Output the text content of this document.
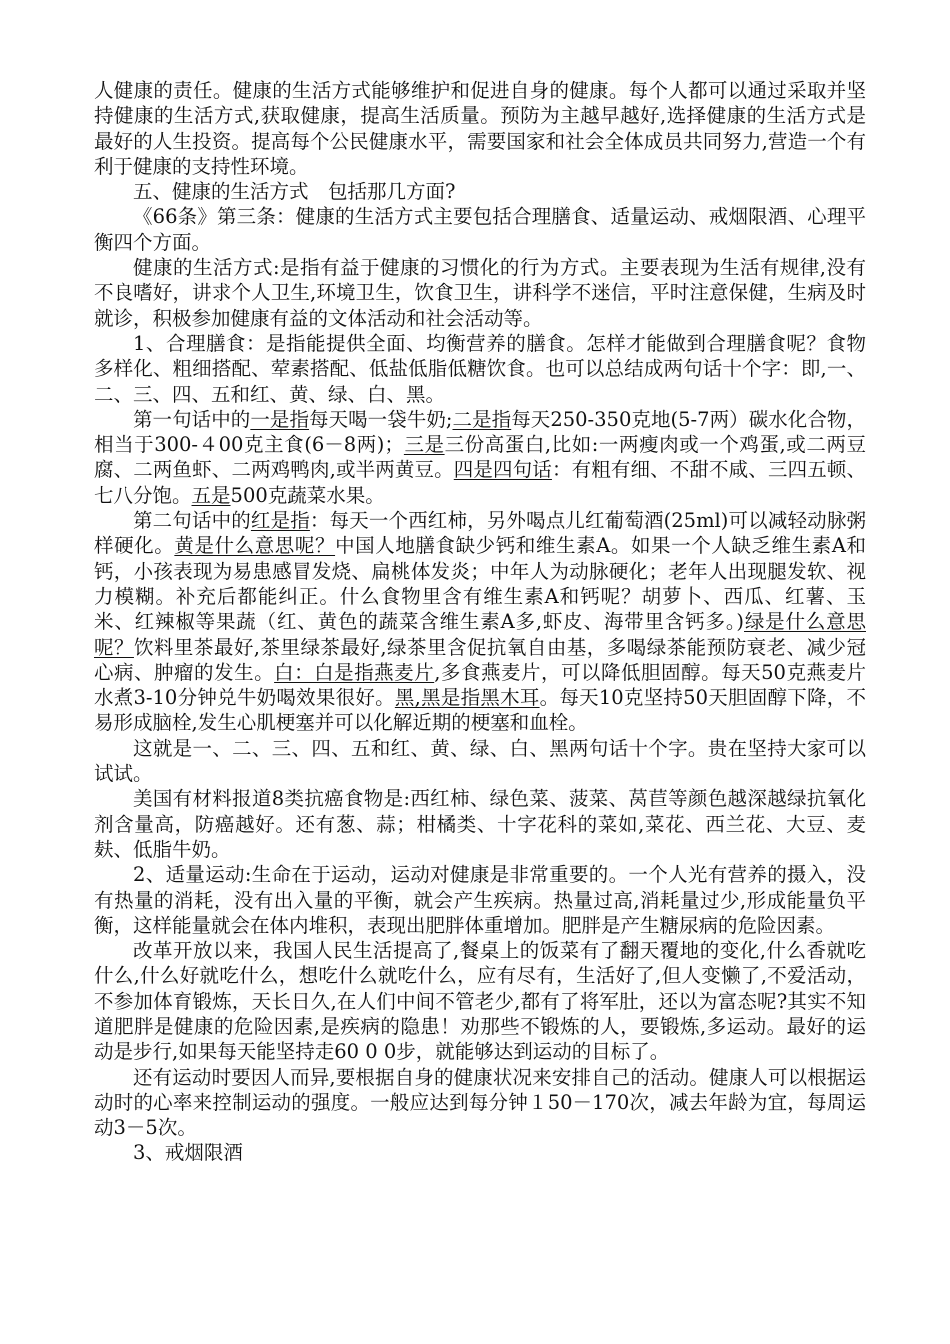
人健康的责任。健康的生活方式能够维护和促进自身的健康。每个人都可以通过采取并坚持健康的生活方式,获取健康，提高生活质量。预防为主越早越好,选择健康的生活方式是最好的人生投资。提高每个公民健康水平，需要国家和社会全体成员共同努力,营造一个有利于健康的支持性环境。

五、健康的生活方式　包括那几方面?

《66条》第三条：健康的生活方式主要包括合理膳食、适量运动、戒烟限酒、心理平衡四个方面。

健康的生活方式:是指有益于健康的习惯化的行为方式。主要表现为生活有规律,没有不良嗜好，讲求个人卫生,环境卫生，饮食卫生，讲科学不迷信，平时注意保健，生病及时就诊，积极参加健康有益的文体活动和社会活动等。

1、合理膳食：是指能提供全面、均衡营养的膳食。怎样才能做到合理膳食呢？食物多样化、粗细搭配、荤素搭配、低盐低脂低糖饮食。也可以总结成两句话十个字：即,一、二、三、四、五和红、黄、绿、白、黑。

第一句话中的一是指每天喝一袋牛奶;二是指每天250-350克地(5-7两）碳水化合物，相当于300-４00克主食(6－8两)；三是三份高蛋白,比如:一两瘦肉或一个鸡蛋,或二两豆腐、二两鱼虾、二两鸡鸭肉,或半两黄豆。四是四句话：有粗有细、不甜不咸、三四五顿、七八分饱。五是500克蔬菜水果。

第二句话中的红是指：每天一个西红柿，另外喝点儿红葡萄酒(25ml)可以减轻动脉粥样硬化。黄是什么意思呢？中国人地膳食缺少钙和维生素A。如果一个人缺乏维生素A和钙，小孩表现为易患感冒发烧、扁桃体发炎；中年人为动脉硬化；老年人出现腿发软、视力模糊。补充后都能纠正。什么食物里含有维生素A和钙呢？胡萝卜、西瓜、红薯、玉米、红辣椒等果蔬（红、黄色的蔬菜含维生素A多,虾皮、海带里含钙多。)绿是什么意思呢？饮料里茶最好,茶里绿茶最好,绿茶里含促抗氧自由基，多喝绿茶能预防衰老、减少冠心病、肿瘤的发生。白：白是指燕麦片,多食燕麦片，可以降低胆固醇。每天50克燕麦片水煮3-10分钟兑牛奶喝效果很好。黑,黑是指黑木耳。每天10克坚持50天胆固醇下降，不易形成脑栓,发生心肌梗塞并可以化解近期的梗塞和血栓。

这就是一、二、三、四、五和红、黄、绿、白、黑两句话十个字。贵在坚持大家可以试试。

美国有材料报道8类抗癌食物是:西红柿、绿色菜、菠菜、莴苣等颜色越深越绿抗氧化剂含量高，防癌越好。还有葱、蒜；柑橘类、十字花科的菜如,菜花、西兰花、大豆、麦麸、低脂牛奶。

2、适量运动:生命在于运动，运动对健康是非常重要的。一个人光有营养的摄入，没有热量的消耗，没有出入量的平衡，就会产生疾病。热量过高,消耗量过少,形成能量负平衡，这样能量就会在体内堆积，表现出肥胖体重增加。肥胖是产生糖尿病的危险因素。

改革开放以来，我国人民生活提高了,餐桌上的饭菜有了翻天覆地的变化,什么香就吃什么,什么好就吃什么，想吃什么就吃什么，应有尽有，生活好了,但人变懒了,不爱活动，不参加体育锻炼，天长日久,在人们中间不管老少,都有了将军肚，还以为富态呢?其实不知道肥胖是健康的危险因素,是疾病的隐患！劝那些不锻炼的人，要锻炼,多运动。最好的运动是步行,如果每天能坚持走60 0 0步，就能够达到运动的目标了。

还有运动时要因人而异,要根据自身的健康状况来安排自己的活动。健康人可以根据运动时的心率来控制运动的强度。一般应达到每分钟１50－170次，减去年龄为宜，每周运动3－5次。

3、戒烟限酒
